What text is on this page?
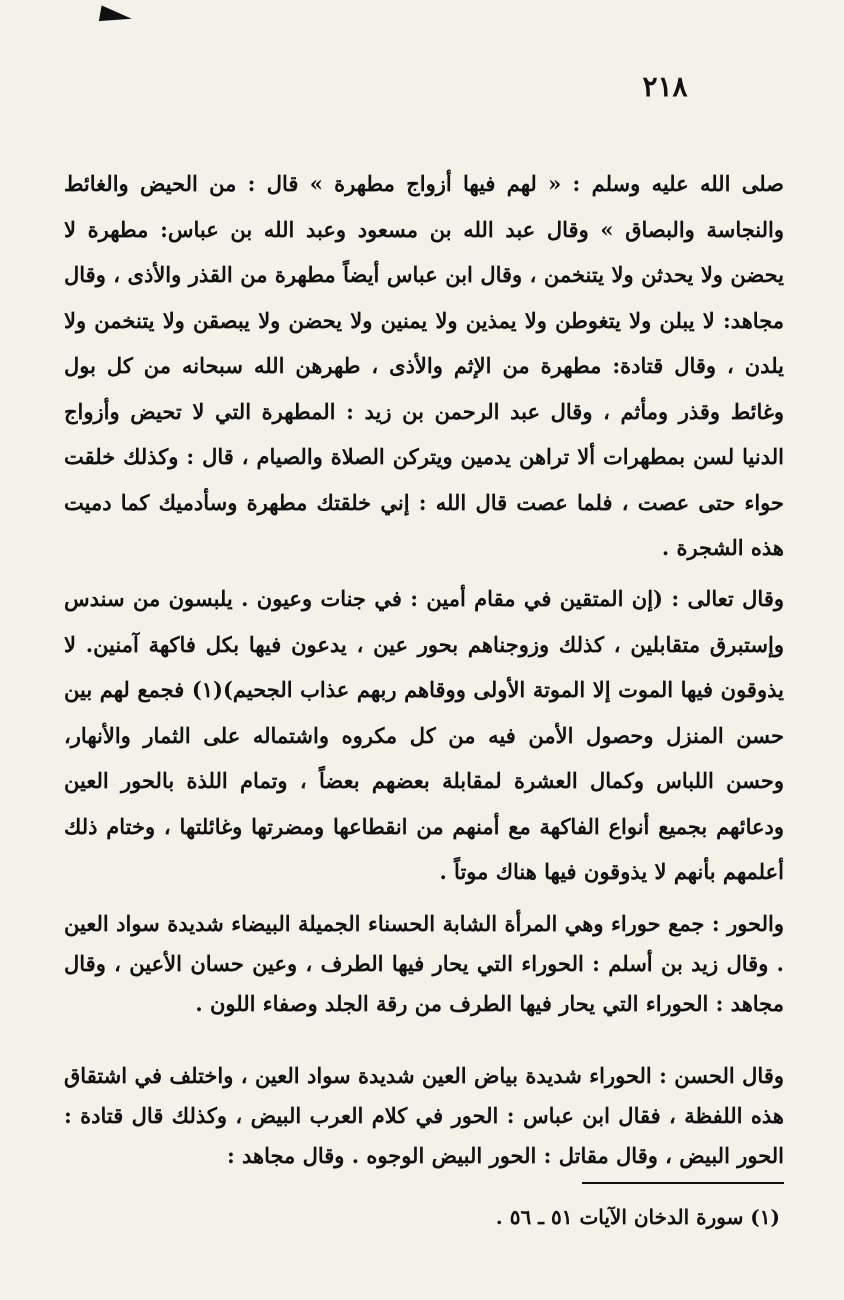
٢١٨

صلى الله عليه وسلم : « لهم فيها أزواج مطهرة » قال : من الحيض والغائط والنجاسة والبصاق » وقال عبد الله بن مسعود وعبد الله بن عباس: مطهرة لا يحضن ولا يحدثن ولا يتنخمن ، وقال ابن عباس أيضاً مطهرة من القذر والأذى ، وقال مجاهد: لا يبلن ولا يتغوطن ولا يمذين ولا يمنين ولا يحضن ولا يبصقن ولا يتنخمن ولا يلدن ، وقال قتادة: مطهرة من الإثم والأذى ، طهرهن الله سبحانه من كل بول وغائط وقذر ومأثم ، وقال عبد الرحمن بن زيد : المطهرة التي لا تحيض وأزواج الدنيا لسن بمطهرات ألا تراهن يدمين ويتركن الصلاة والصيام ، قال : وكذلك خلقت حواء حتى عصت ، فلما عصت قال الله : إني خلقتك مطهرة وسأدميك كما دميت هذه الشجرة .

وقال تعالى : (إن المتقين في مقام أمين : في جنات وعيون . يلبسون من سندس وإستبرق متقابلين ، كذلك وزوجناهم بحور عين ، يدعون فيها بكل فاكهة آمنين. لا يذوقون فيها الموت إلا الموتة الأولى ووقاهم ربهم عذاب الجحيم)(١) فجمع لهم بين حسن المنزل وحصول الأمن فيه من كل مكروه واشتماله على الثمار والأنهار، وحسن اللباس وكمال العشرة لمقابلة بعضهم بعضاً ، وتمام اللذة بالحور العين ودعائهم بجميع أنواع الفاكهة مع أمنهم من انقطاعها ومضرتها وغائلتها ، وختام ذلك أعلمهم بأنهم لا يذوقون فيها هناك موتاً .

والحور : جمع حوراء وهي المرأة الشابة الحسناء الجميلة البيضاء شديدة سواد العين . وقال زيد بن أسلم : الحوراء التي يحار فيها الطرف ، وعين حسان الأعين ، وقال مجاهد : الحوراء التي يحار فيها الطرف من رقة الجلد وصفاء اللون .

وقال الحسن : الحوراء شديدة بياض العين شديدة سواد العين ، واختلف في اشتقاق هذه اللفظة ، فقال ابن عباس : الحور في كلام العرب البيض ، وكذلك قال قتادة : الحور البيض ، وقال مقاتل : الحور البيض الوجوه . وقال مجاهد :

(١) سورة الدخان الآيات ٥١ ـ ٥٦ .
